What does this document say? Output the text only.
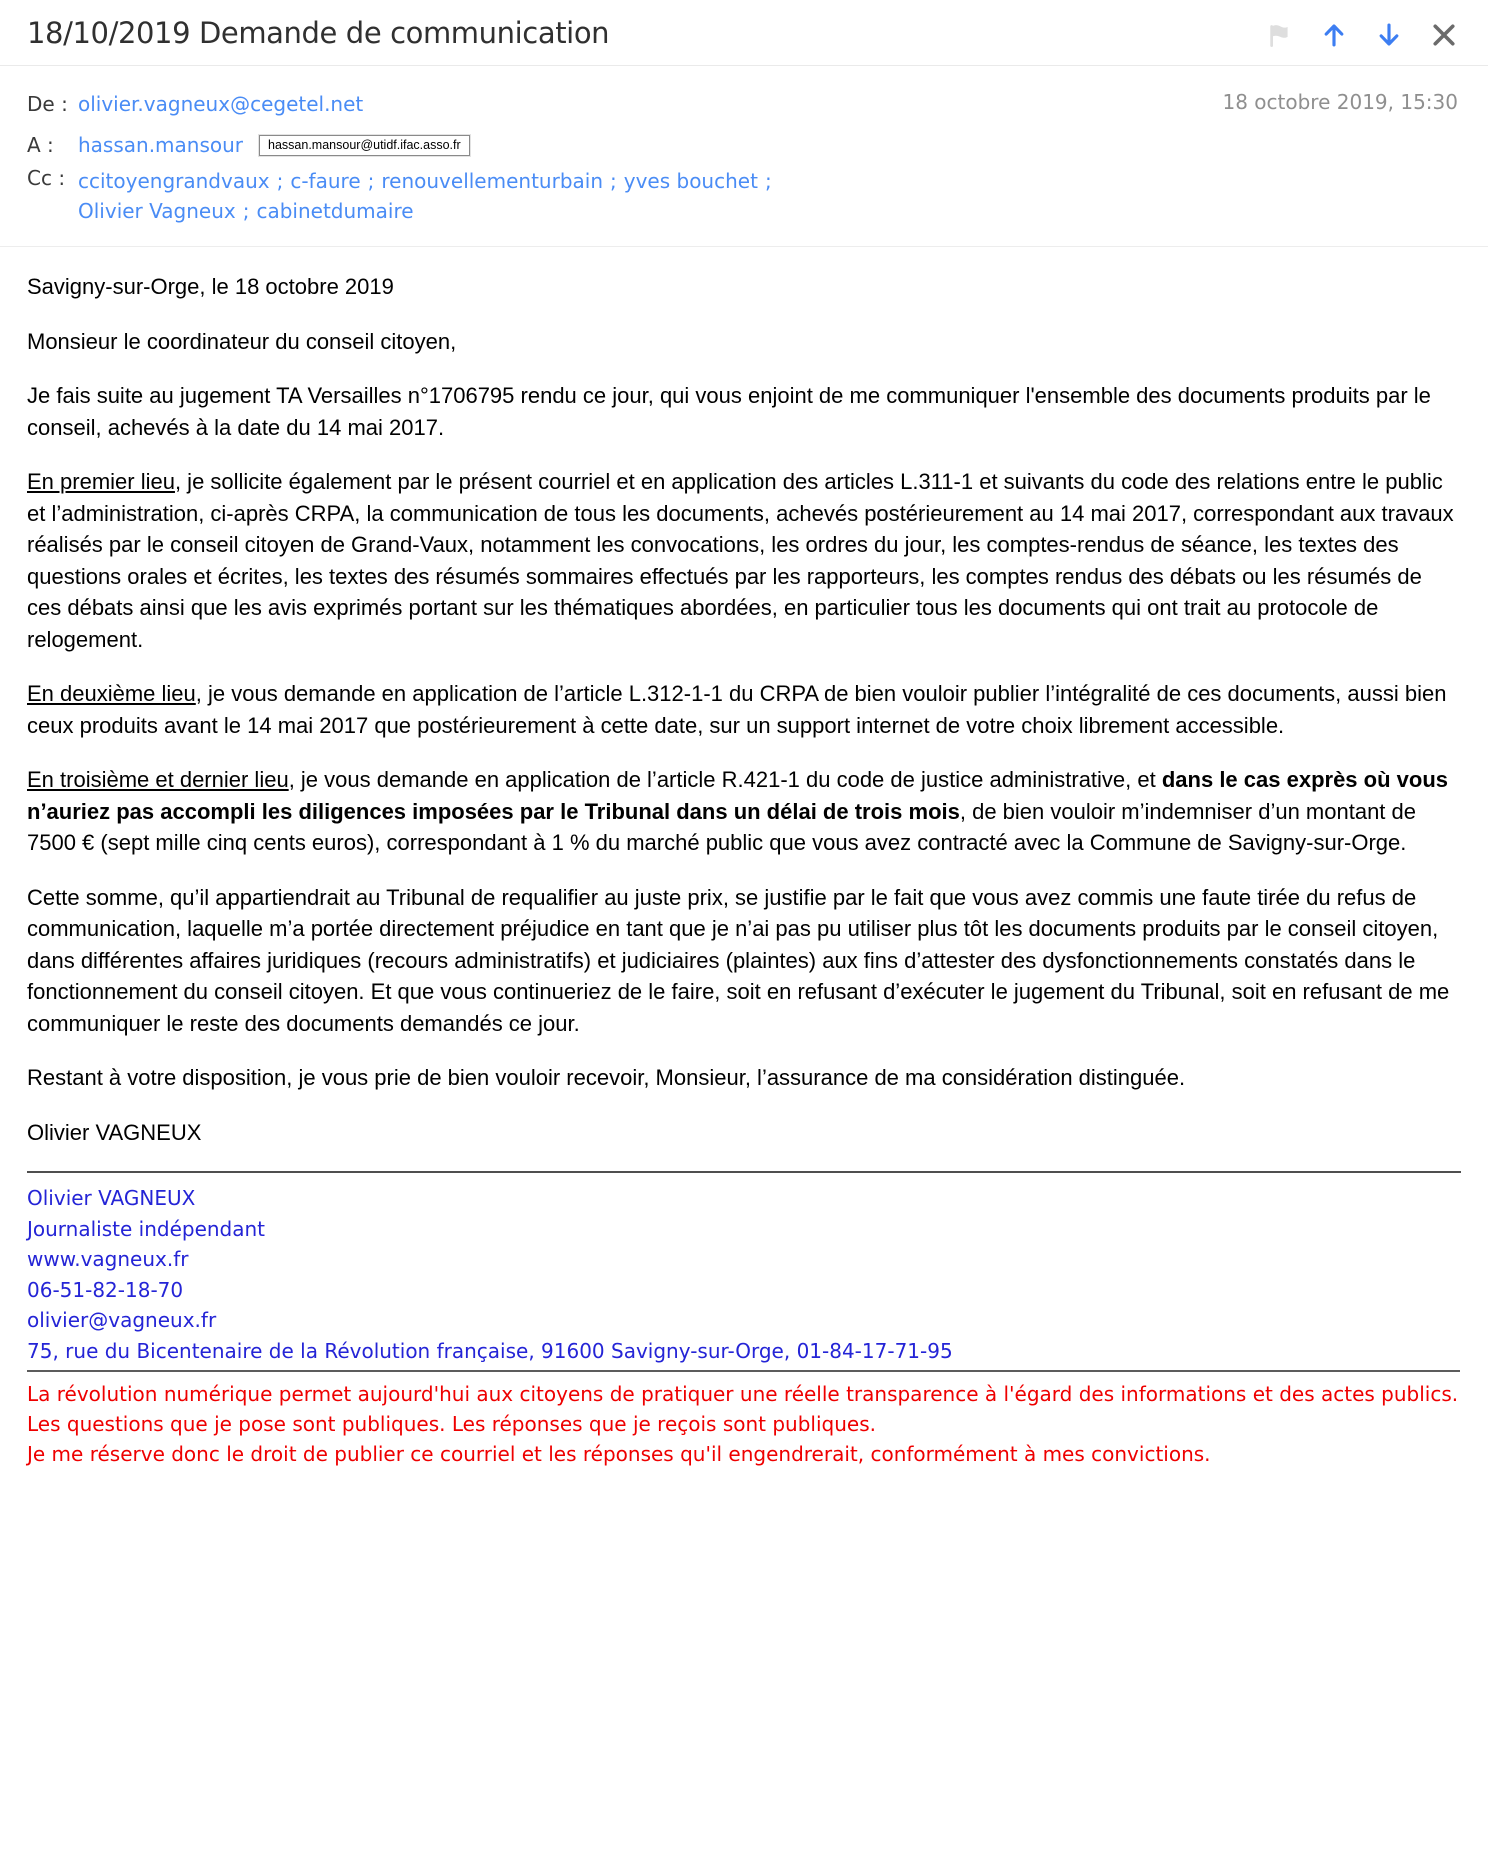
18/10/2019 Demande de communication
18 octobre 2019, 15:30
De : olivier.vagneux@cegetel.net
A :	hassan.mansour hassan.mansour@utidf.ifac.asso.fr
Cc : ccitoyengrandvaux ; c-faure ; renouvellementurbain ; yves bouchet ;
Olivier Vagneux ; cabinetdumaire

Savigny-sur-Orge, le 18 octobre 2019

Monsieur le coordinateur du conseil citoyen,

Je fais suite au jugement TA Versailles n°1706795 rendu ce jour, qui vous enjoint de me communiquer l'ensemble des documents produits par le conseil, achevés à la date du 14 mai 2017.

En premier lieu, je sollicite également par le présent courriel et en application des articles L.311-1 et suivants du code des relations entre le public et l’administration, ci-après CRPA, la communication de tous les documents, achevés postérieurement au 14 mai 2017, correspondant aux travaux réalisés par le conseil citoyen de Grand-Vaux, notamment les convocations, les ordres du jour, les comptes-rendus de séance, les textes des questions orales et écrites, les textes des résumés sommaires effectués par les rapporteurs, les comptes rendus des débats ou les résumés de ces débats ainsi que les avis exprimés portant sur les thématiques abordées, en particulier tous les documents qui ont trait au protocole de relogement.

En deuxième lieu, je vous demande en application de l’article L.312-1-1 du CRPA de bien vouloir publier l’intégralité de ces documents, aussi bien ceux produits avant le 14 mai 2017 que postérieurement à cette date, sur un support internet de votre choix librement accessible.

En troisième et dernier lieu, je vous demande en application de l’article R.421-1 du code de justice administrative, et dans le cas exprès où vous n’auriez pas accompli les diligences imposées par le Tribunal dans un délai de trois mois, de bien vouloir m’indemniser d’un montant de 7500 € (sept mille cinq cents euros), correspondant à 1 % du marché public que vous avez contracté avec la Commune de Savigny-sur-Orge.

Cette somme, qu’il appartiendrait au Tribunal de requalifier au juste prix, se justifie par le fait que vous avez commis une faute tirée du refus de communication, laquelle m’a portée directement préjudice en tant que je n’ai pas pu utiliser plus tôt les documents produits par le conseil citoyen, dans différentes affaires juridiques (recours administratifs) et judiciaires (plaintes) aux fins d’attester des dysfonctionnements constatés dans le fonctionnement du conseil citoyen. Et que vous continueriez de le faire, soit en refusant d’exécuter le jugement du Tribunal, soit en refusant de me communiquer le reste des documents demandés ce jour.

Restant à votre disposition, je vous prie de bien vouloir recevoir, Monsieur, l’assurance de ma considération distinguée.

Olivier VAGNEUX

Olivier VAGNEUX
Journaliste indépendant
www.vagneux.fr
06-51-82-18-70
olivier@vagneux.fr
75, rue du Bicentenaire de la Révolution française, 91600 Savigny-sur-Orge, 01-84-17-71-95
La révolution numérique permet aujourd'hui aux citoyens de pratiquer une réelle transparence à l'égard des informations et des actes publics.
Les questions que je pose sont publiques. Les réponses que je reçois sont publiques.
Je me réserve donc le droit de publier ce courriel et les réponses qu'il engendrerait, conformément à mes convictions.
